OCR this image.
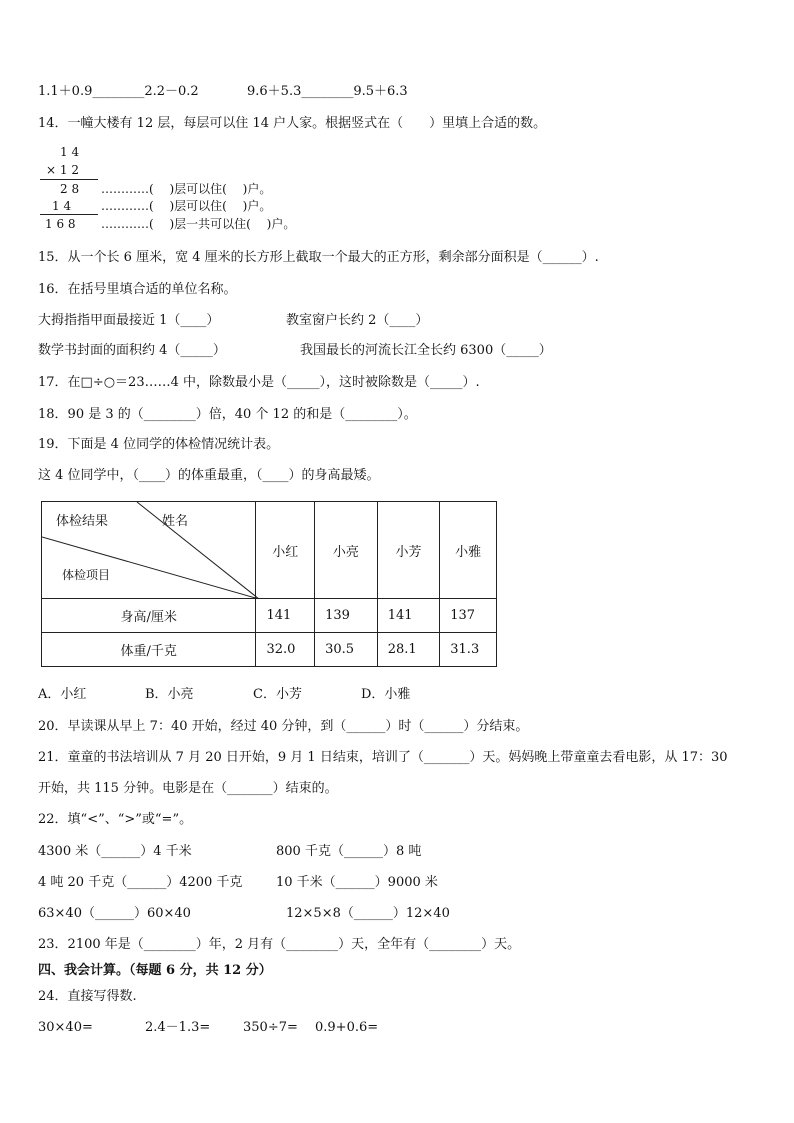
1.1＋0.9________2.2－0.2	9.6＋5.3________9.5＋6.3
14．一幢大楼有 12 层，每层可以住 14 户人家。根据竖式在（　　）里填上合适的数。
1 4
× 1 2
2 8 …………(　 )层可以住(　 )户。
1 4 …………(　 )层可以住(　 )户。
1 6 8 …………(　 )层一共可以住(　 )户。
15．从一个长 6 厘米，宽 4 厘米的长方形上截取一个最大的正方形，剩余部分面积是（______）.
16．在括号里填合适的单位名称。
大拇指指甲面最接近 1（____）	教室窗户长约 2（____）
数学书封面的面积约 4（_____）	我国最长的河流长江全长约 6300（_____）
17．在□÷○＝23……4 中，除数最小是（_____），这时被除数是（_____）.
18．90 是 3 的（________）倍，40 个 12 的和是（________）。
19．下面是 4 位同学的体检情况统计表。
这 4 位同学中，（____）的体重最重，（____）的身高最矮。
体检结果 姓名
体检项目	小红	小亮	小芳	小雅
身高/厘米	141	139	141	137
体重/千克	32.0	30.5	28.1	31.3
A．小红	B．小亮	C．小芳	D．小雅
20．早读课从早上 7：40 开始，经过 40 分钟，到（______）时（______）分结束。
21．童童的书法培训从 7 月 20 日开始，9 月 1 日结束，培训了（_______）天。妈妈晚上带童童去看电影，从 17：30
开始，共 115 分钟。电影是在（_______）结束的。
22．填“<”、“>”或“=”。
4300 米（______）4 千米	800 千克（______）8 吨
4 吨 20 千克（______）4200 千克	10 千米（______）9000 米
63×40（______）60×40	12×5×8（______）12×40
23．2100 年是（________）年，2 月有（________）天，全年有（________）天。
四、我会计算。（每题 6 分，共 12 分）
24．直接写得数.
30×40=	2.4－1.3=	350÷7= 0.9+0.6=
